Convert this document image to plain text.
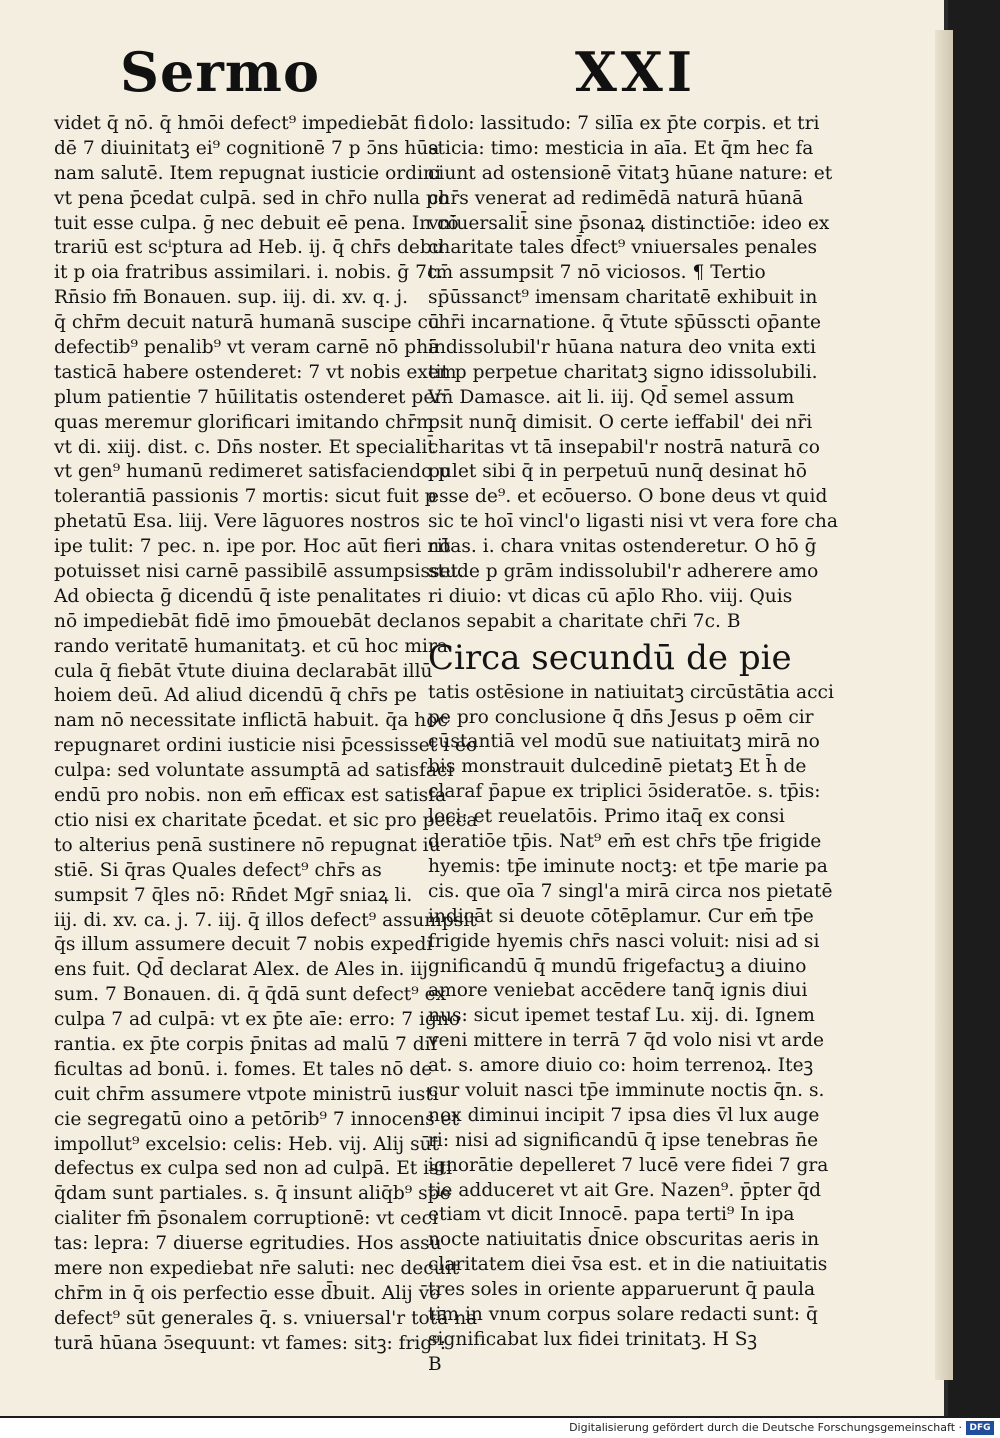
Sermo	XXI
videt q̄ nō. q̄ hmōi defect⁹ impediebāt fi
dē 7 diuinitatꝫ ei⁹ cognitionē 7 p ɔ̄ns hūa
nam salutē. Item repugnat iusticie ordini
vt pena p̄cedat culpā. sed in chr̄o nulla po
tuit esse culpa. ḡ nec debuit eē pena. In cō
trariū est scⁱptura ad Heb. ij. q̄ chr̄s debu
it p oia fratribus assimilari. i. nobis. ḡ 7c.
Rn̄sio fm̄ Bonauen. sup. iij. di. xv. q. j.
q̄ chr̄m decuit naturā humanā suscipe cū
defectib⁹ penalib⁹ vt veram carnē nō phā
tasticā habere ostenderet: 7 vt nobis exem
plum patientie 7 hūilitatis ostenderet per
quas meremur glorificari imitando chr̄m
vt di. xiij. dist. c. Dn̄s noster. Et specialit̄
vt gen⁹ humanū redimeret satisfaciendo p
tolerantiā passionis 7 mortis: sicut fuit p
phetatū Esa. liij. Vere lāguores nostros
ipe tulit: 7 pec. n. ipe por. Hoc aūt fieri nō
potuisset nisi carnē passibilē assumpsisset.
Ad obiecta ḡ dicendū q̄ iste penalitates
nō impediebāt fidē imo p̄mouebāt decla
rando veritatē humanitatꝫ. et cū hoc mira
cula q̄ fiebāt v̄tute diuina declarabāt illū
hoiem deū. Ad aliud dicendū q̄ chr̄s pe
nam nō necessitate inflictā habuit. q̄a hoc
repugnaret ordini iusticie nisi p̄cessisset i eo
culpa: sed voluntate assumptā ad satisfaci
endū pro nobis. non em̄ efficax est satisfa
ctio nisi ex charitate p̄cedat. et sic pro pecca
to alterius penā sustinere nō repugnat iu
stiē. Si q̄ras Quales defect⁹ chr̄s as
sumpsit 7 q̄les nō: Rn̄det Mgr̄ sniaꝝ li.
iij. di. xv. ca. j. 7. iij. q̄ illos defect⁹ assumpsit
q̄s illum assumere decuit 7 nobis expedi
ens fuit. Qd̄ declarat Alex. de Ales in. iij
sum. 7 Bonauen. di. q̄ q̄dā sunt defect⁹ ex
culpa 7 ad culpā: vt ex p̄te aīe: erro: 7 igno
rantia. ex p̄te corpis p̄nitas ad malū 7 dif
ficultas ad bonū. i. fomes. Et tales nō de
cuit chr̄m assumere vtpote ministrū iusti
cie segregatū oino a petōrib⁹ 7 innocens et
impollut⁹ excelsio: celis: Heb. vij. Alij sūt
defectus ex culpa sed non ad culpā. Et isti
q̄dam sunt partiales. s. q̄ insunt aliq̄b⁹ spe
cialiter fm̄ p̄sonalem corruptionē: vt ceci
tas: lepra: 7 diuerse egritudies. Hos assu
mere non expediebat nr̄e saluti: nec decuit
chr̄m in q̄ ois perfectio esse d̄buit. Alij v̄o
defect⁹ sūt generales q̄. s. vniuersal'r totā na
turā hūana ɔ̄sequunt: vt fames: sitꝫ: frig⁹:
dolo: lassitudo: 7 silīa ex p̄te corpis. et tri
sticia: timo: mesticia in aīa. Et q̄m hec fa
ciunt ad ostensionē v̄itatꝫ hūane nature: et
chr̄s venerat ad redimēdā naturā hūanā
vniuersalit̄ sine p̄sonaꝝ distinctiōe: ideo ex
charitate tales d̄fect⁹ vniuersales penales
tm̄ assumpsit 7 nō viciosos. ¶ Tertio
sp̄ūssanct⁹ imensam charitatē exhibuit in
chr̄i incarnatione. q̄ v̄tute sp̄ūsscti op̄ante
indissolubil'r hūana natura deo vnita exti
tit p perpetue charitatꝫ signo idissolubili.
Vn̄ Damasce. ait li. iij. Qd̄ semel assum
psit nunq̄ dimisit. O certe ieffabil' dei nr̄i
charitas vt tā insepabil'r nostrā naturā co
pulet sibi q̄ in perpetuū nunq̄ desinat hō
esse de⁹. et ecōuerso. O bone deus vt quid
sic te hoī vincl'o ligasti nisi vt vera fore cha
ritas. i. chara vnitas ostenderetur. O hō ḡ
stude p grām indissolubil'r adherere amo
ri diuio: vt dicas cū ap̄lo Rho. viij. Quis
nos sepabit a charitate chr̄i 7c. B
Circa secundū de pie
tatis ostēsione in natiuitatꝫ circūstātia acci
pe pro conclusione q̄ dn̄s Jesus p oēm cir
cūstantiā vel modū sue natiuitatꝫ mirā no
bis monstrauit dulcedinē pietatꝫ Et h̄ de
claraf p̄apue ex triplici ɔ̄sideratōe. s. tp̄is:
loci: et reuelatōis. Primo itaq̄ ex consi
deratiōe tp̄is. Nat⁹ em̄ est chr̄s tp̄e frigide
hyemis: tp̄e iminute noctꝫ: et tp̄e marie pa
cis. que oīa 7 singl'a mirā circa nos pietatē
indicāt si deuote cōtēplamur. Cur em̄ tp̄e
frigide hyemis chr̄s nasci voluit: nisi ad si
gnificandū q̄ mundū frigefactuꝫ a diuino
amore veniebat accēdere tanq̄ ignis diui
nus: sicut ipemet testaf Lu. xij. di. Ignem
veni mittere in terrā 7 q̄d volo nisi vt arde
at. s. amore diuio co: hoim terrenoꝝ. Iteꝫ
cur voluit nasci tp̄e imminute noctis q̄n. s.
nox diminui incipit 7 ipsa dies v̄l lux auge
ri: nisi ad significandū q̄ ipse tenebras n̄e
ignorātie depelleret 7 lucē vere fidei 7 gra
tie adduceret vt ait Gre. Nazen⁹. p̄pter q̄d
etiam vt dicit Innocē. papa terti⁹ In ipa
nocte natiuitatis d̄nice obscuritas aeris in
claritatem diei v̄sa est. et in die natiuitatis
tres soles in oriente apparuerunt q̄ paula
tim in vnum corpus solare redacti sunt: q̄
significabat lux fidei trinitatꝫ. H Sꝫ
B
Digitalisierung gefördert durch die Deutsche Forschungsgemeinschaft · DFG
